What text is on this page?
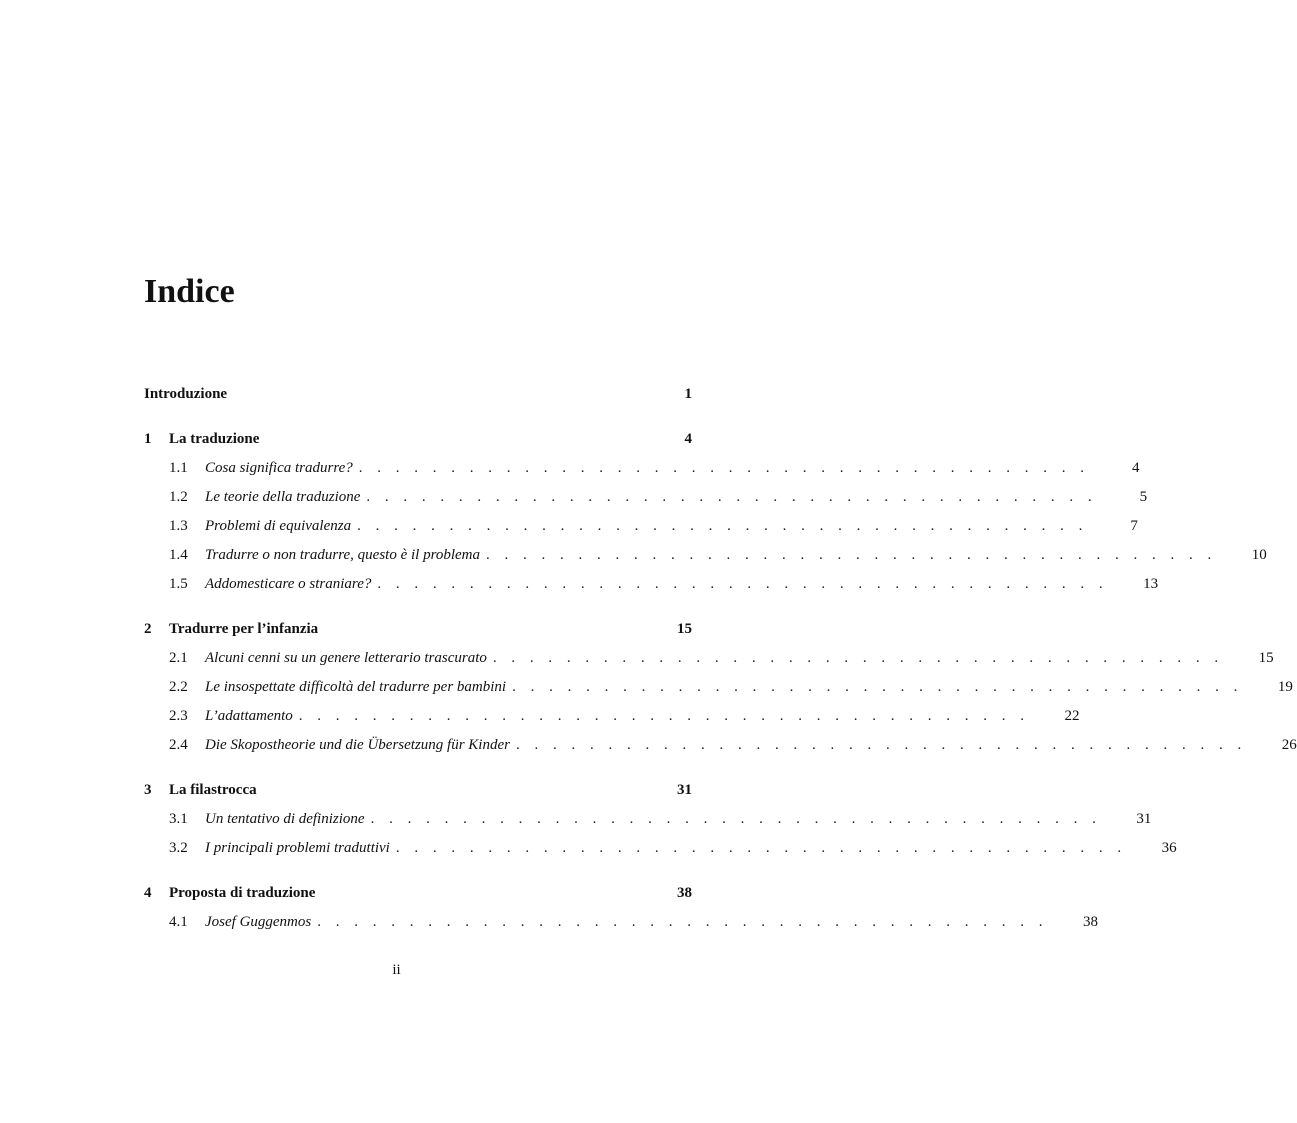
Indice
Introduzione	1
1	La traduzione	4
1.1	Cosa significa tradurre? . . . . . . . . . . . . . . . . . . . . . . . . . . . . . . . . . . . . . . . .	4
1.2	Le teorie della traduzione . . . . . . . . . . . . . . . . . . . . . . . . . . . . . . . . . . . . . . . .	5
1.3	Problemi di equivalenza . . . . . . . . . . . . . . . . . . . . . . . . . . . . . . . . . . . . . . . .	7
1.4	Tradurre o non tradurre, questo è il problema . . . . . . . . . . . . . . . . . . . . . . . . . . . . . . . . . . . . . . . .	10
1.5	Addomesticare o straniare? . . . . . . . . . . . . . . . . . . . . . . . . . . . . . . . . . . . . . . . .	13
2	Tradurre per l’infanzia	15
2.1	Alcuni cenni su un genere letterario trascurato . . . . . . . . . . . . . . . . . . . . . . . . . . . . . . . . . . . . . . . .	15
2.2	Le insospettate difficoltà del tradurre per bambini . . . . . . . . . . . . . . . . . . . . . . . . . . . . . . . . . . . . . . . .	19
2.3	L’adattamento . . . . . . . . . . . . . . . . . . . . . . . . . . . . . . . . . . . . . . . .	22
2.4	Die Skopostheorie und die Übersetzung für Kinder . . . . . . . . . . . . . . . . . . . . . . . . . . . . . . . . . . . . . . . .	26
3	La filastrocca	31
3.1	Un tentativo di definizione . . . . . . . . . . . . . . . . . . . . . . . . . . . . . . . . . . . . . . . .	31
3.2	I principali problemi traduttivi . . . . . . . . . . . . . . . . . . . . . . . . . . . . . . . . . . . . . . . .	36
4	Proposta di traduzione	38
4.1	Josef Guggenmos . . . . . . . . . . . . . . . . . . . . . . . . . . . . . . . . . . . . . . . .	38
ii
